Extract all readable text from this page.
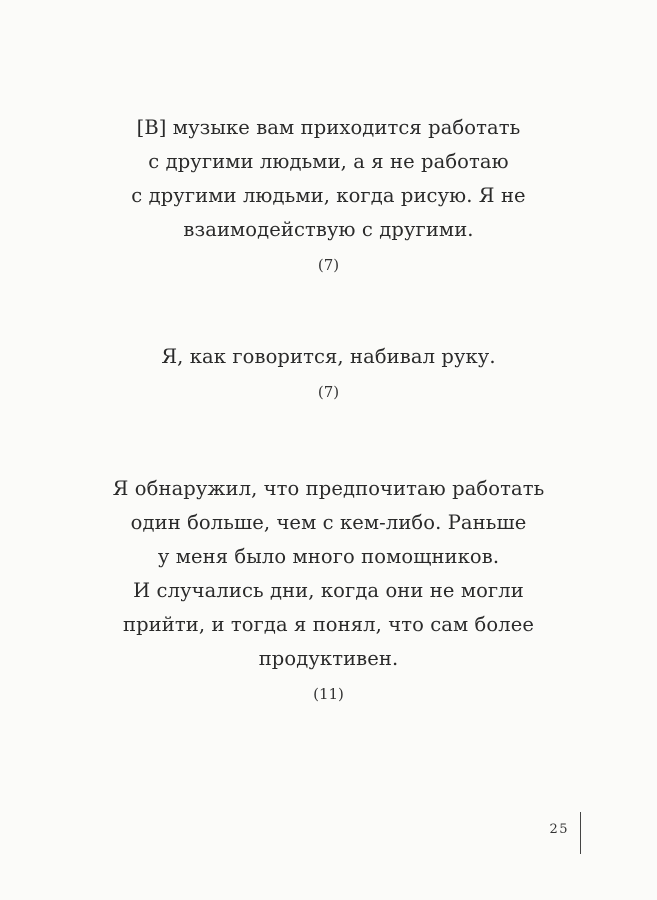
[В] музыке вам приходится работать
с другими людьми, а я не работаю
с другими людьми, когда рисую. Я не
взаимодействую с другими.
(7)
Я, как говорится, набивал руку.
(7)
Я обнаружил, что предпочитаю работать
один больше, чем с кем-либо. Раньше
у меня было много помощников.
И случались дни, когда они не могли
прийти, и тогда я понял, что сам более
продуктивен.
(11)
25
